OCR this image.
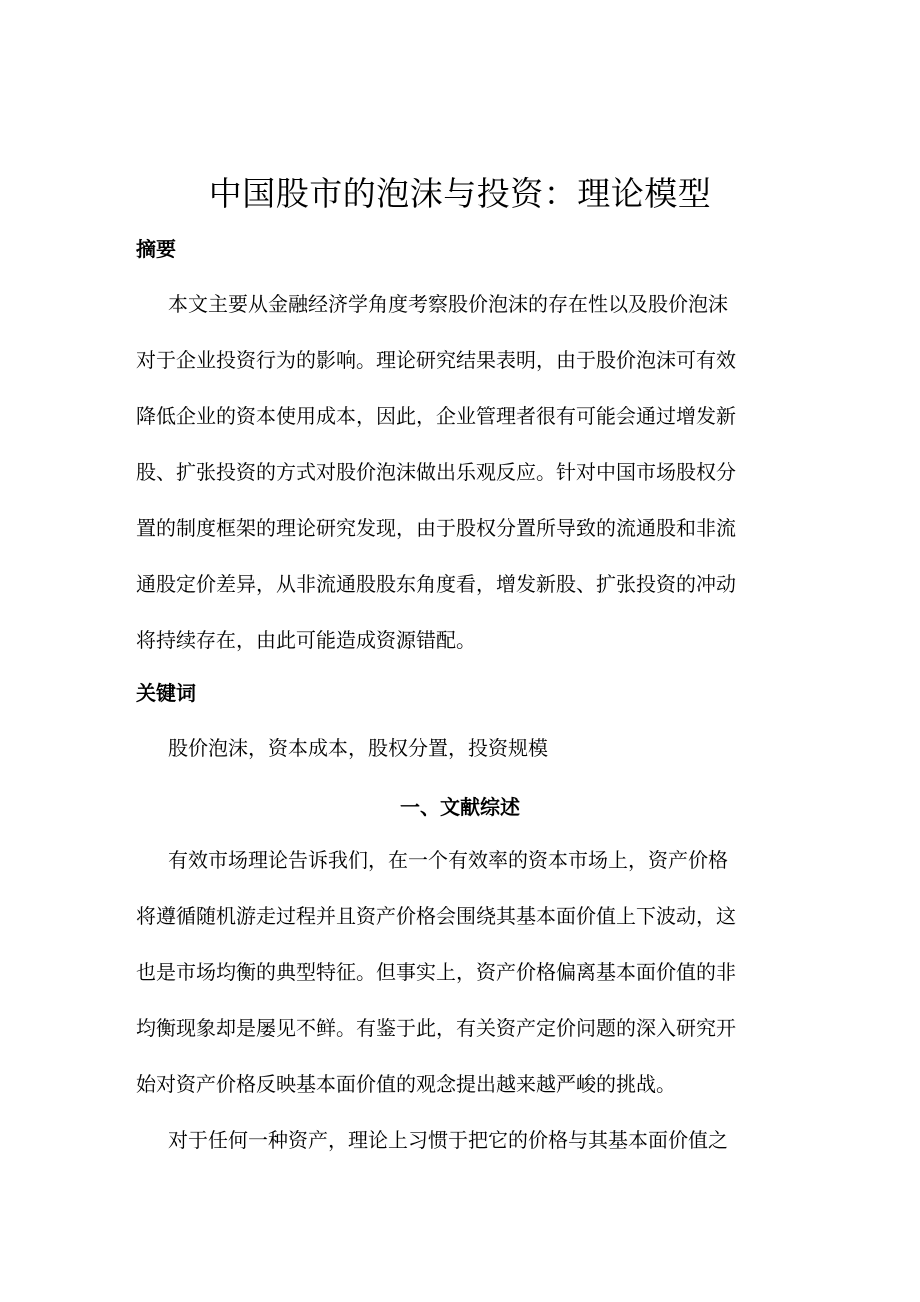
中国股市的泡沫与投资：理论模型
摘要
本文主要从金融经济学角度考察股价泡沫的存在性以及股价泡沫
对于企业投资行为的影响。理论研究结果表明，由于股价泡沫可有效
降低企业的资本使用成本，因此，企业管理者很有可能会通过增发新
股、扩张投资的方式对股价泡沫做出乐观反应。针对中国市场股权分
置的制度框架的理论研究发现，由于股权分置所导致的流通股和非流
通股定价差异，从非流通股股东角度看，增发新股、扩张投资的冲动
将持续存在，由此可能造成资源错配。
关键词
股价泡沫，资本成本，股权分置，投资规模
一、文献综述
有效市场理论告诉我们，在一个有效率的资本市场上，资产价格
将遵循随机游走过程并且资产价格会围绕其基本面价值上下波动，这
也是市场均衡的典型特征。但事实上，资产价格偏离基本面价值的非
均衡现象却是屡见不鲜。有鉴于此，有关资产定价问题的深入研究开
始对资产价格反映基本面价值的观念提出越来越严峻的挑战。
对于任何一种资产，理论上习惯于把它的价格与其基本面价值之
